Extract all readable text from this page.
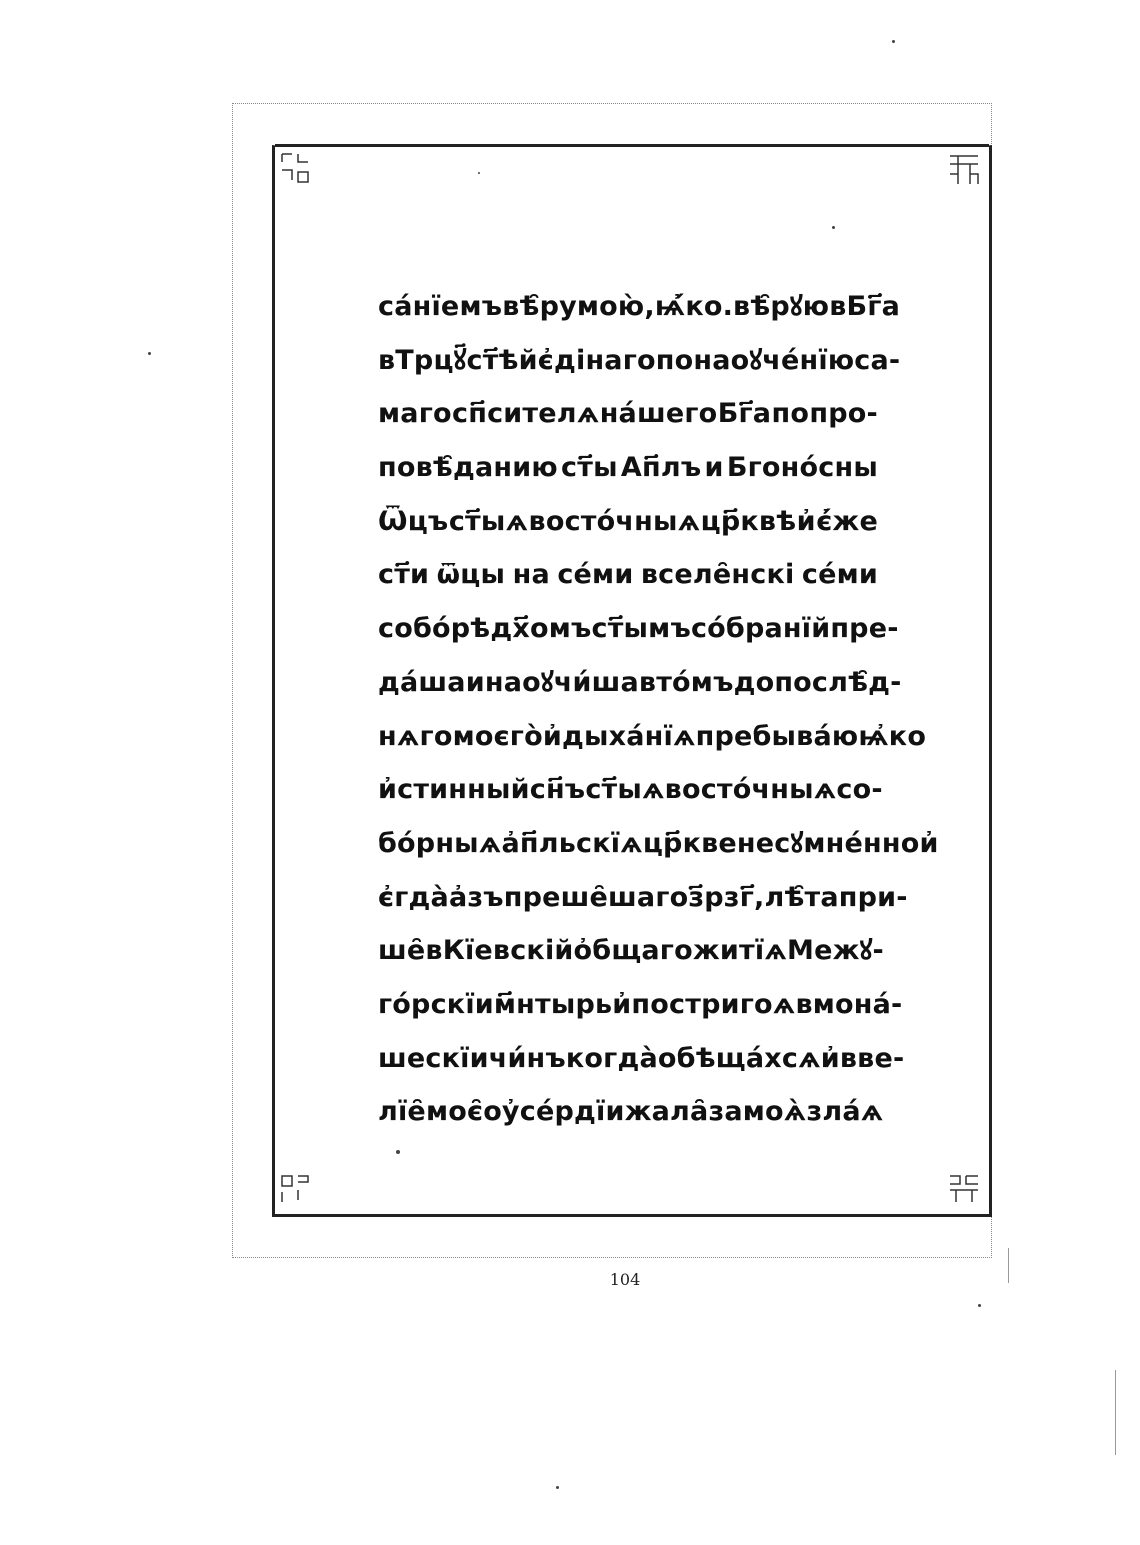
са́нїемъ вѣ̑ру мою̀, ѩ҆́ко .вѣ̑рꙋю в Бг҃а
в Трцꙋ҃ ст҃ѣй є҆дінаго по наоꙋче́нїю са-
маго сп҃сителѧ на́шего Бг҃а по про-
повѣ̑данию ст҃ы Ап҃лъ и Бгоно́сны
Ѿцъ ст҃ыѧ восто́чныѧ цр҃квѣ и҆ є҆́же
ст҃и ѿцы на се́ми вселе̑нскі се́ми
собо́рѣ дх҃омъ ст҃ымъ со́бранїй пре-
да́ша и наоꙋчи́ша в то́мъ до послѣ̑д-
нѧго моєго̀ и҆дыха́нїѧ пребыва́ю ѩ҆ко
и҆стинный сн҃ъ ст҃ыѧ восто́чныѧ со-
бо́рныѧ а҆п҃льскїѧ цр҃кве несꙋмне́нно и҆
є҆гда̀ а҆зъ преше̑шаго з҃рзг҃, лѣ̑та при-
ше̑ в Кїевскій о҆бщаго житїѧ Межꙋ-
го́рскїи м҃нтырь и҆ постригоѧ в мона́-
шескїи чи́нъ когда̀ обѣща́хсѧ и҆ в ве-
лїе̑ моє̑ оу҆се́рдїи жала̑ за моѧ̀ зла́ѧ
104
